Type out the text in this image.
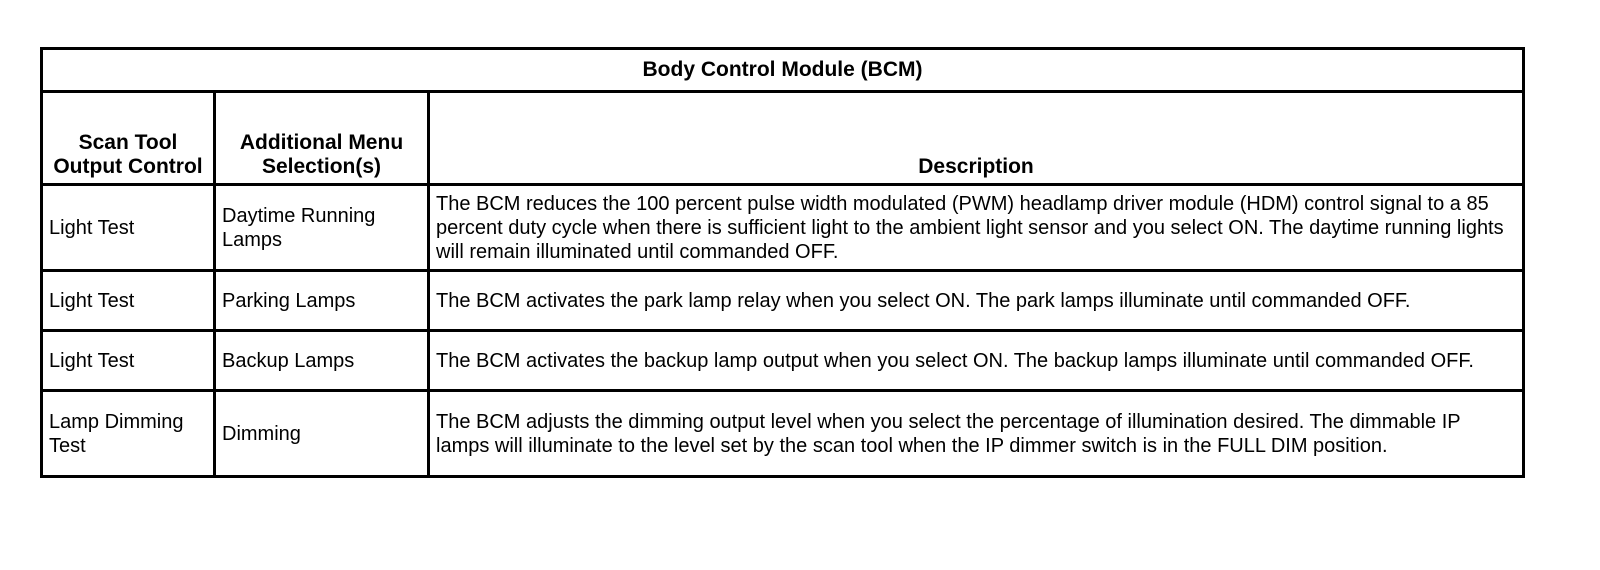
Body Control Module (BCM)		
Scan Tool Output Control	Additional Menu Selection(s)	Description
Light Test	Daytime Running Lamps	The BCM reduces the 100 percent pulse width modulated (PWM) headlamp driver module (HDM) control signal to a 85 percent duty cycle when there is sufficient light to the ambient light sensor and you select ON. The daytime running lights will remain illuminated until commanded OFF.
Light Test	Parking Lamps	The BCM activates the park lamp relay when you select ON. The park lamps illuminate until commanded OFF.
Light Test	Backup Lamps	The BCM activates the backup lamp output when you select ON. The backup lamps illuminate until commanded OFF.
Lamp Dimming Test	Dimming	The BCM adjusts the dimming output level when you select the percentage of illumination desired. The dimmable IP lamps will illuminate to the level set by the scan tool when the IP dimmer switch is in the FULL DIM position.
